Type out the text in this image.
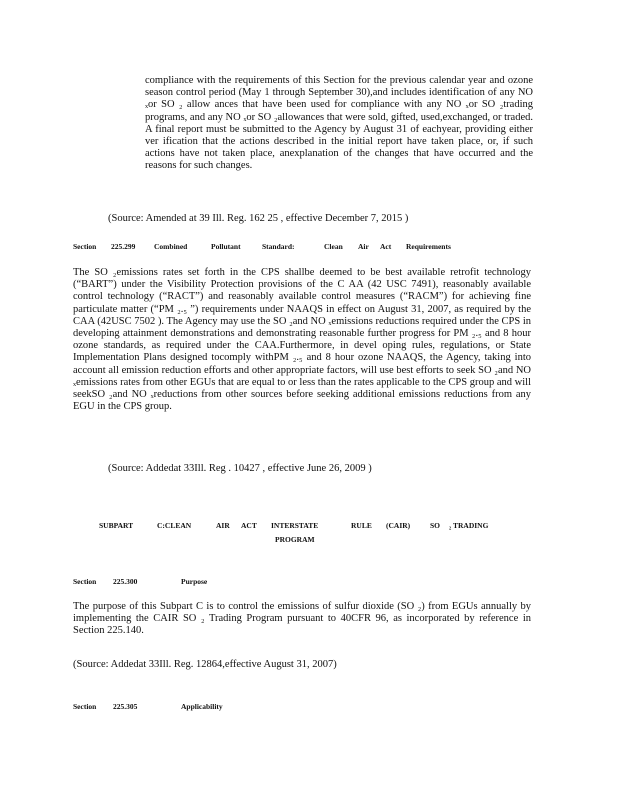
compliance with the requirements of this Section for the previous calendar year and ozone season control period (May 1 through September 30),and includes identification of any NO ₓor SO ₂ allow ances that have been used for compliance with any NO ₓor SO ₂trading programs, and any NO ₓor SO ₂allowances that were sold, gifted, used,exchanged, or traded. A final report must be submitted to the Agency by August 31 of eachyear, providing either ver ification that the actions described in the initial report have taken place, or, if such actions have not taken place, anexplanation of the changes that have occurred and the reasons for such changes.
(Source: Amended at 39 Ill. Reg. 162 25 , effective December 7, 2015 )
Section	225.299	Combined	Pollutant	Standard:	Clean	Air	Act	Requirements
The SO ₂emissions rates set forth in the CPS shallbe deemed to be best available retrofit technology (“BART”) under the Visibility Protection provisions of the C AA (42 USC 7491), reasonably available control technology (“RACT”) and reasonably available control measures (“RACM”) for achieving fine particulate matter (“PM ₂.₅ ”) requirements under NAAQS in effect on August 31, 2007, as required by the CAA (42USC 7502 ). The Agency may use the SO ₂and NO ₓemissions reductions required under the CPS in developing attainment demonstrations and demonstrating reasonable further progress for PM ₂.₅ and 8 hour ozone standards, as required under the CAA.Furthermore, in devel oping rules, regulations, or State Implementation Plans designed tocomply withPM ₂.₅ and 8 hour ozone NAAQS, the Agency, taking into account all emission reduction efforts and other appropriate factors, will use best efforts to seek SO ₂and NO ₓemissions rates from other EGUs that are equal to or less than the rates applicable to the CPS group and will seekSO ₂and NO ₓreductions from other sources before seeking additional emissions reductions from any EGU in the CPS group.
(Source: Addedat 33Ill. Reg . 10427 , effective June 26, 2009 )
SUBPART	C:CLEAN	AIR	ACT	INTERSTATE
PROGRAM
RULE	(CAIR)	SO	₂ TRADING
Section	225.300	Purpose
The purpose of this Subpart C is to control the emissions of sulfur dioxide (SO ₂) from EGUs annually by implementing the CAIR SO ₂ Trading Program pursuant to 40CFR 96, as incorporated by reference in Section 225.140.
(Source: Addedat 33Ill. Reg. 12864,effective August 31, 2007)
Section	225.305	Applicability
